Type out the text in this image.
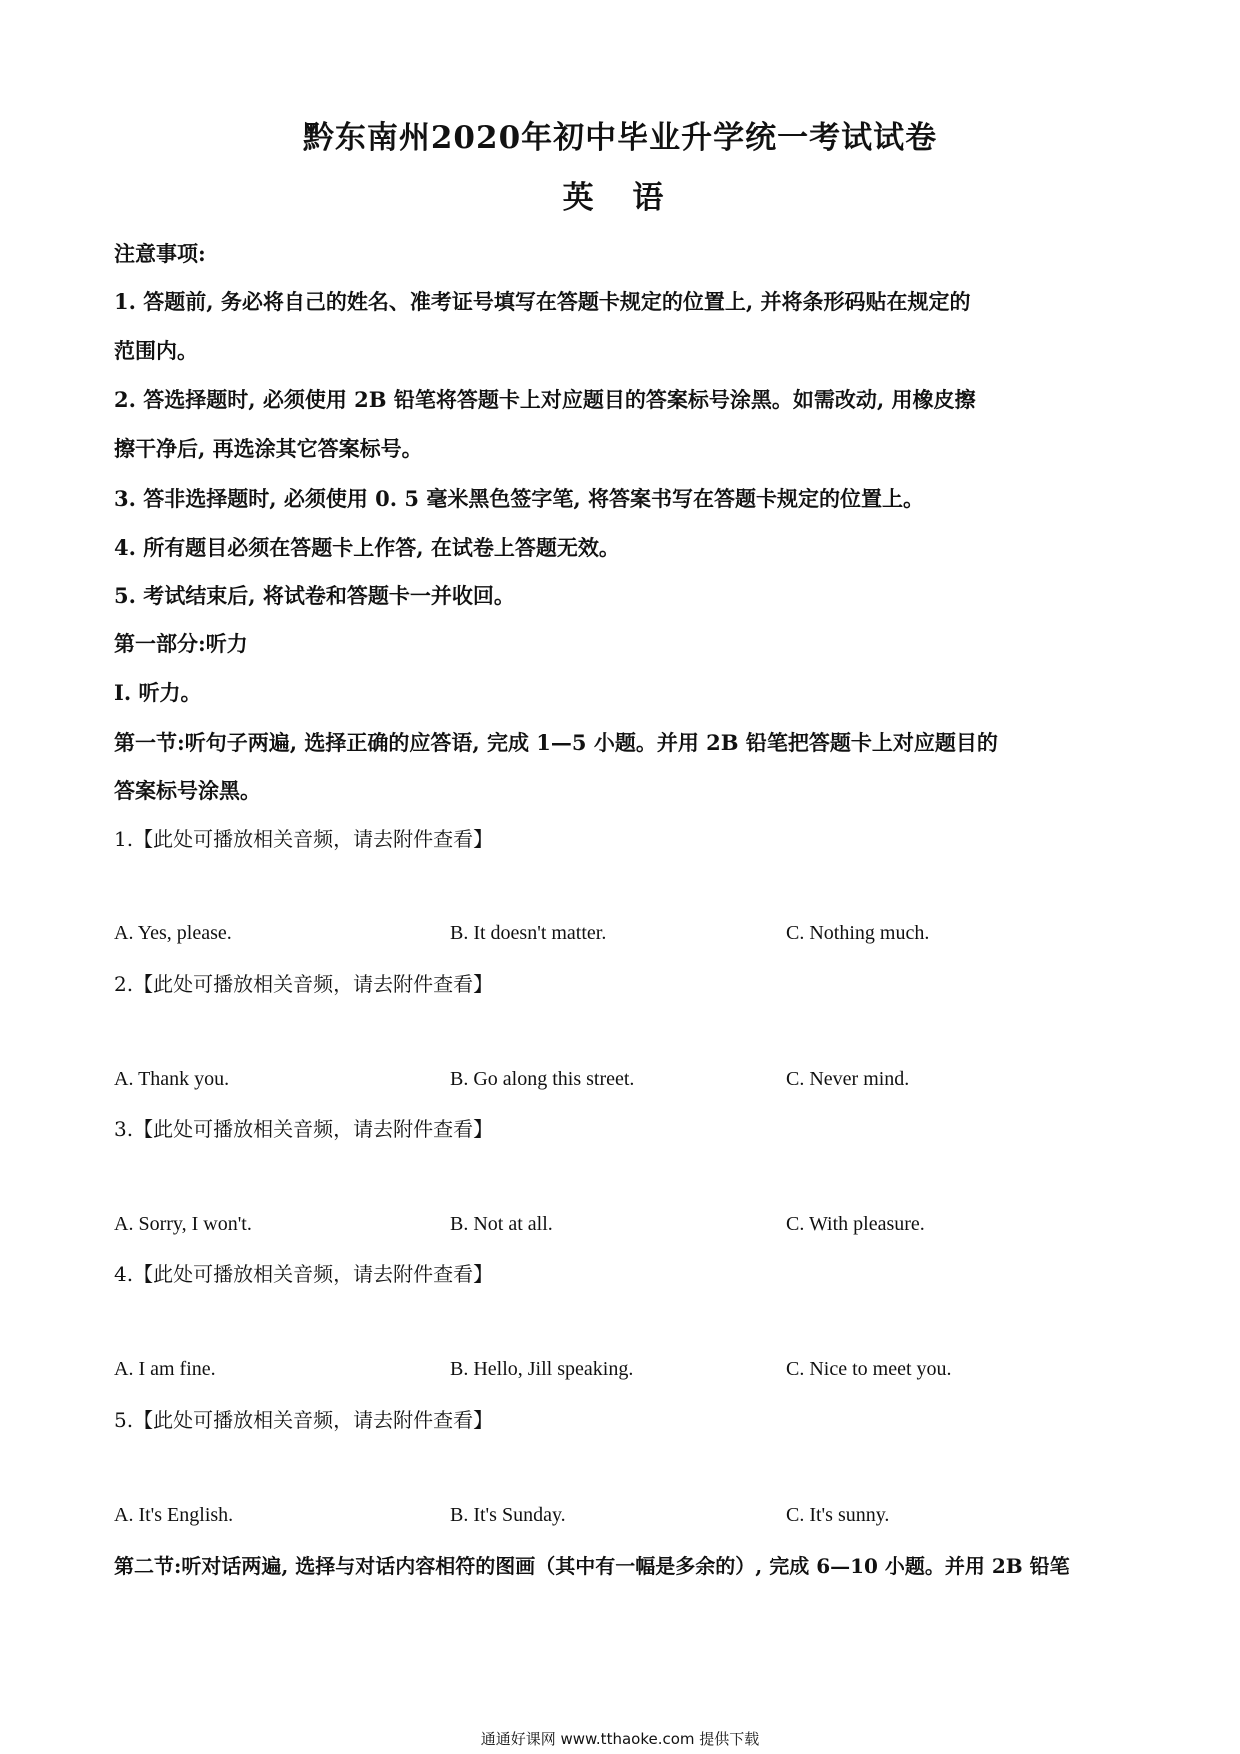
黔东南州2020年初中毕业升学统一考试试卷
英 语
注意事项:
1. 答题前, 务必将自己的姓名、准考证号填写在答题卡规定的位置上, 并将条形码贴在规定的
范围内。
2. 答选择题时, 必须使用 2B 铅笔将答题卡上对应题目的答案标号涂黑。如需改动, 用橡皮擦
擦干净后, 再选涂其它答案标号。
3. 答非选择题时, 必须使用 0. 5 毫米黑色签字笔, 将答案书写在答题卡规定的位置上。
4. 所有题目必须在答题卡上作答, 在试卷上答题无效。
5. 考试结束后, 将试卷和答题卡一并收回。
第一部分:听力
I. 听力。
第一节:听句子两遍, 选择正确的应答语, 完成 1—5 小题。并用 2B 铅笔把答题卡上对应题目的
答案标号涂黑。
1.【此处可播放相关音频，请去附件查看】
A. Yes, please.	B. It doesn't matter.	C. Nothing much.
2.【此处可播放相关音频，请去附件查看】
A. Thank you.	B. Go along this street.	C. Never mind.
3.【此处可播放相关音频，请去附件查看】
A. Sorry, I won't.	B. Not at all.	C. With pleasure.
4.【此处可播放相关音频，请去附件查看】
A. I am fine.	B. Hello, Jill speaking.	C. Nice to meet you.
5.【此处可播放相关音频，请去附件查看】
A. It's English.	B. It's Sunday.	C. It's sunny.
第二节:听对话两遍, 选择与对话内容相符的图画（其中有一幅是多余的）, 完成 6—10 小题。并用 2B 铅笔
通通好课网 www.tthaoke.com 提供下载
